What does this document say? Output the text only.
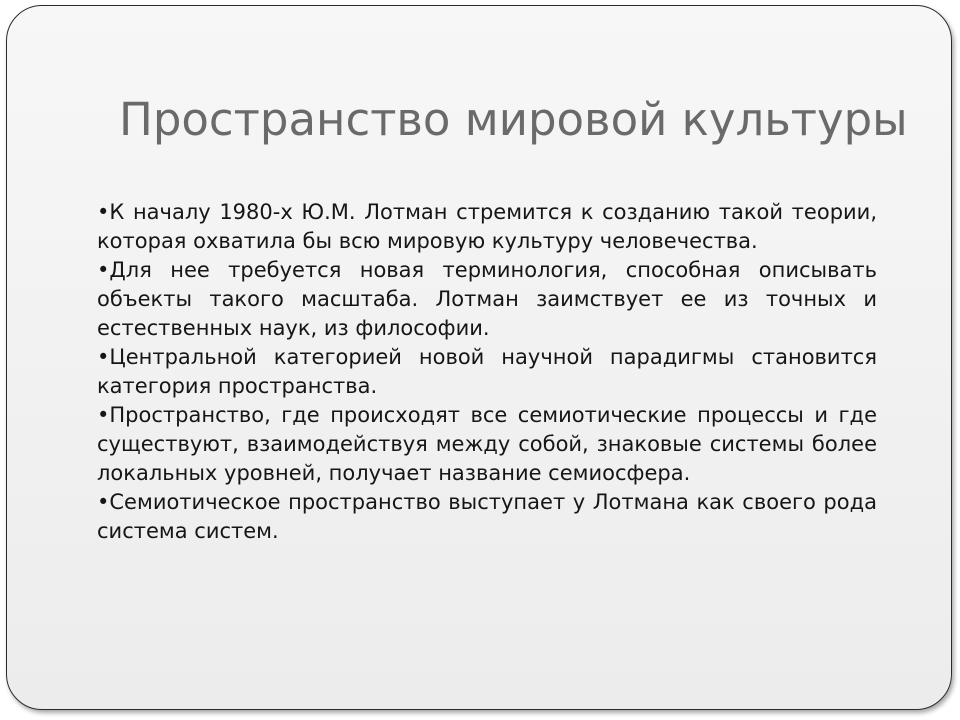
Пространство мировой культуры
•К началу 1980-х Ю.М. Лотман стремится к созданию такой теории, которая охватила бы всю мировую культуру человечества.
•Для нее требуется новая терминология, способная описывать объекты такого масштаба. Лотман заимствует ее из точных и естественных наук, из философии.
•Центральной категорией новой научной парадигмы становится категория пространства.
•Пространство, где происходят все семиотические процессы и где существуют, взаимодействуя между собой, знаковые системы более локальных уровней, получает название семиосфера.
•Семиотическое пространство выступает у Лотмана как своего рода система систем.
